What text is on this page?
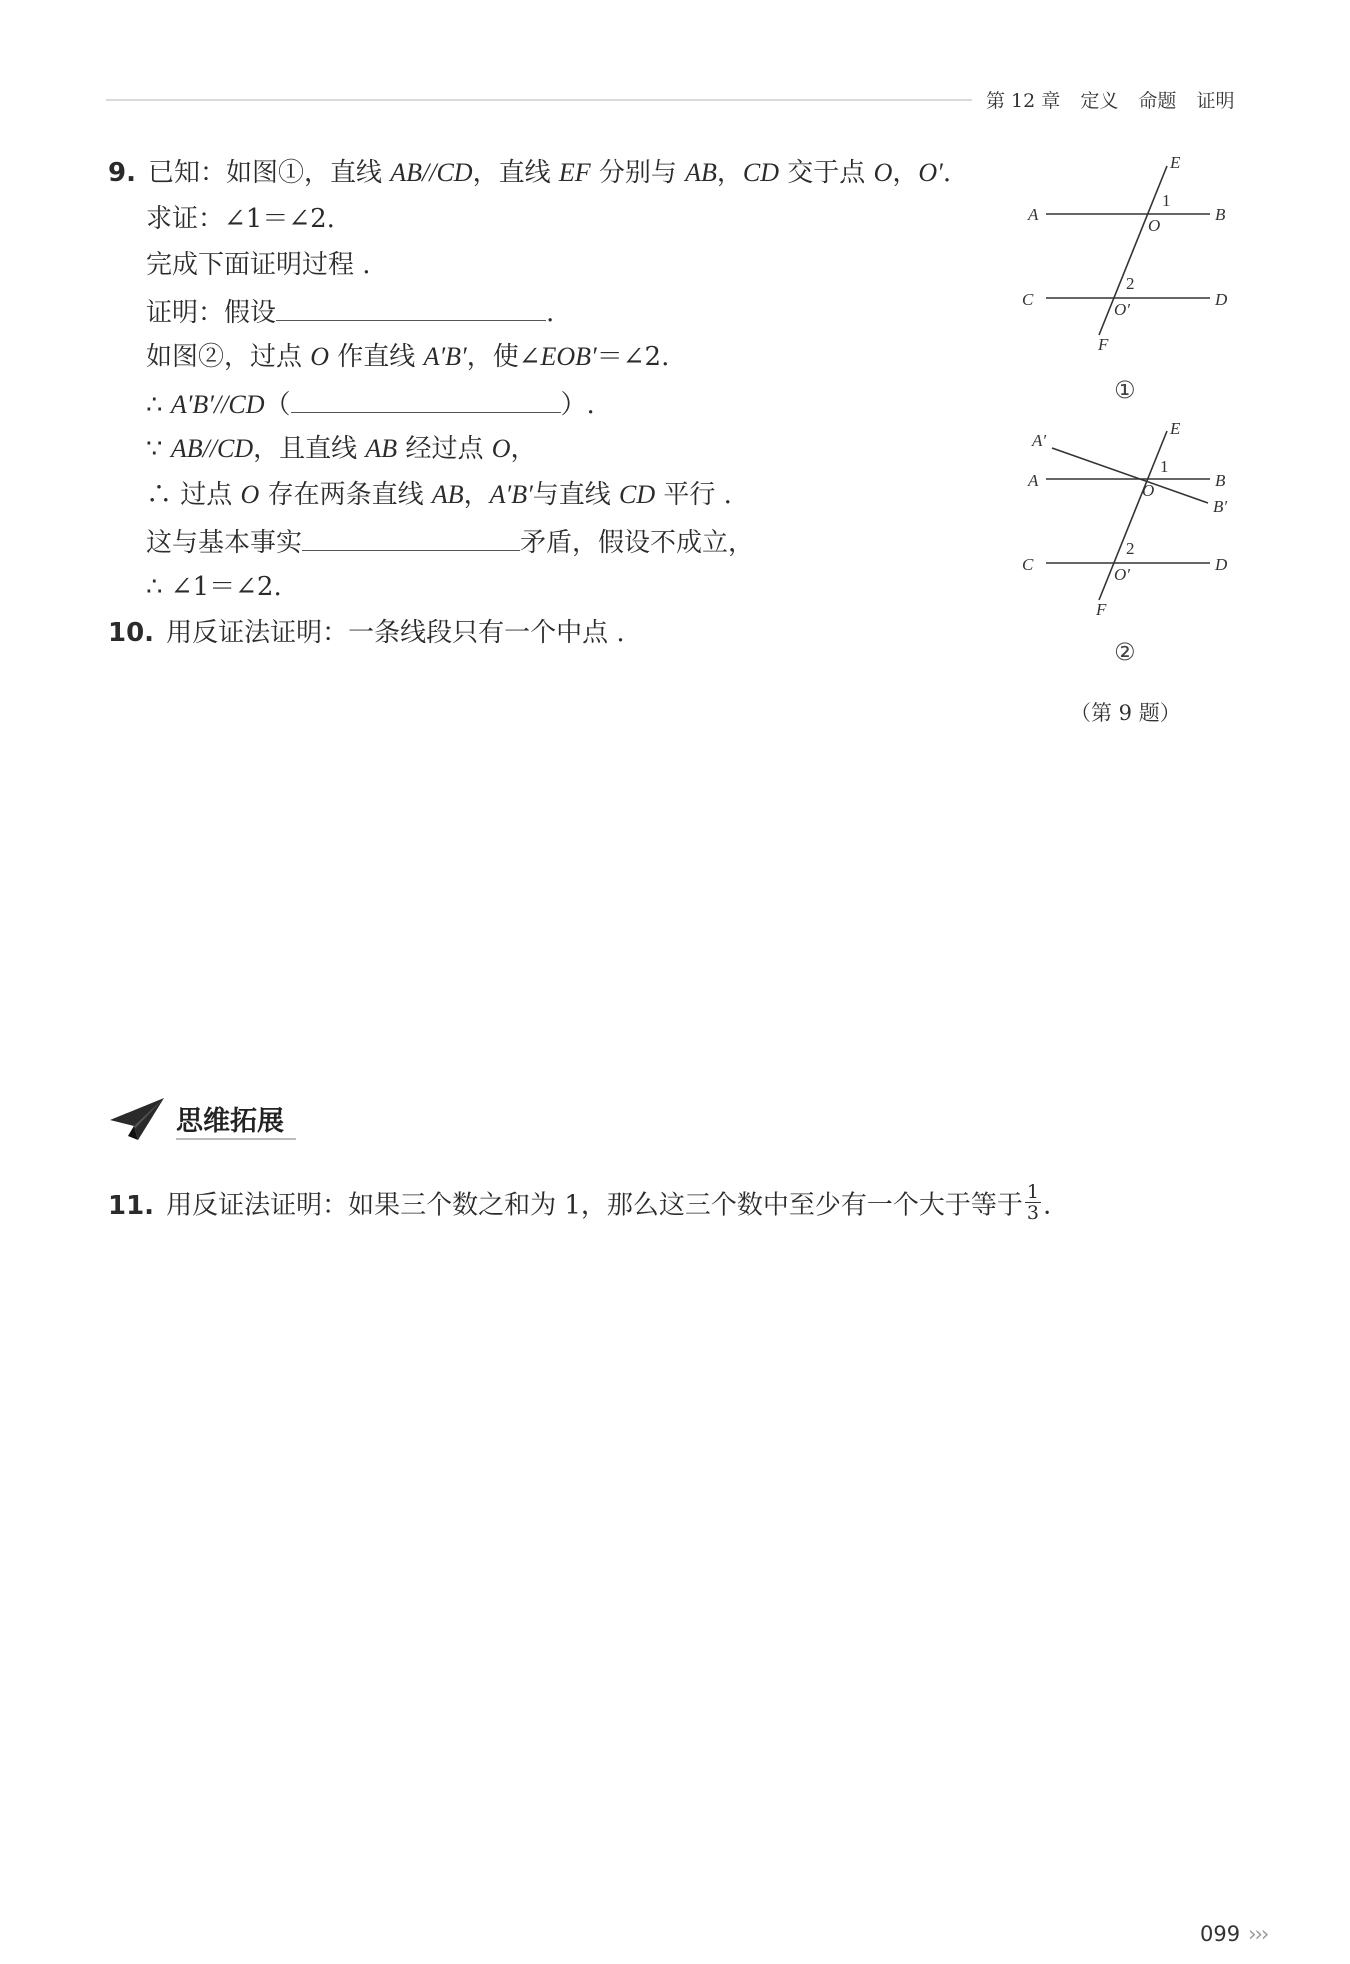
第 12 章 定义 命题 证明
9. 已知：如图①，直线 AB//CD，直线 EF 分别与 AB，CD 交于点 O，O′.
求证：∠1＝∠2.
完成下面证明过程 .
证明：假设	.
如图②，过点 O 作直线 A′B′，使∠EOB′＝∠2.
∴ A′B′//CD（	）.
∵ AB//CD，且直线 AB 经过点 O，
∴ 过点 O 存在两条直线 AB，A′B′与直线 CD 平行 .
这与基本事实	矛盾，假设不成立，
∴ ∠1＝∠2.
10. 用反证法证明：一条线段只有一个中点 .
E
A	B
1
O
C	D
2
O′
F
①
A′
E
A	B
B′
1
O
C	D
2
O′
F
②
（第 9 题）
思维拓展
11. 用反证法证明：如果三个数之和为 1，那么这三个数中至少有一个大于等于 $\frac{1}{3}$ .
099 ›››
